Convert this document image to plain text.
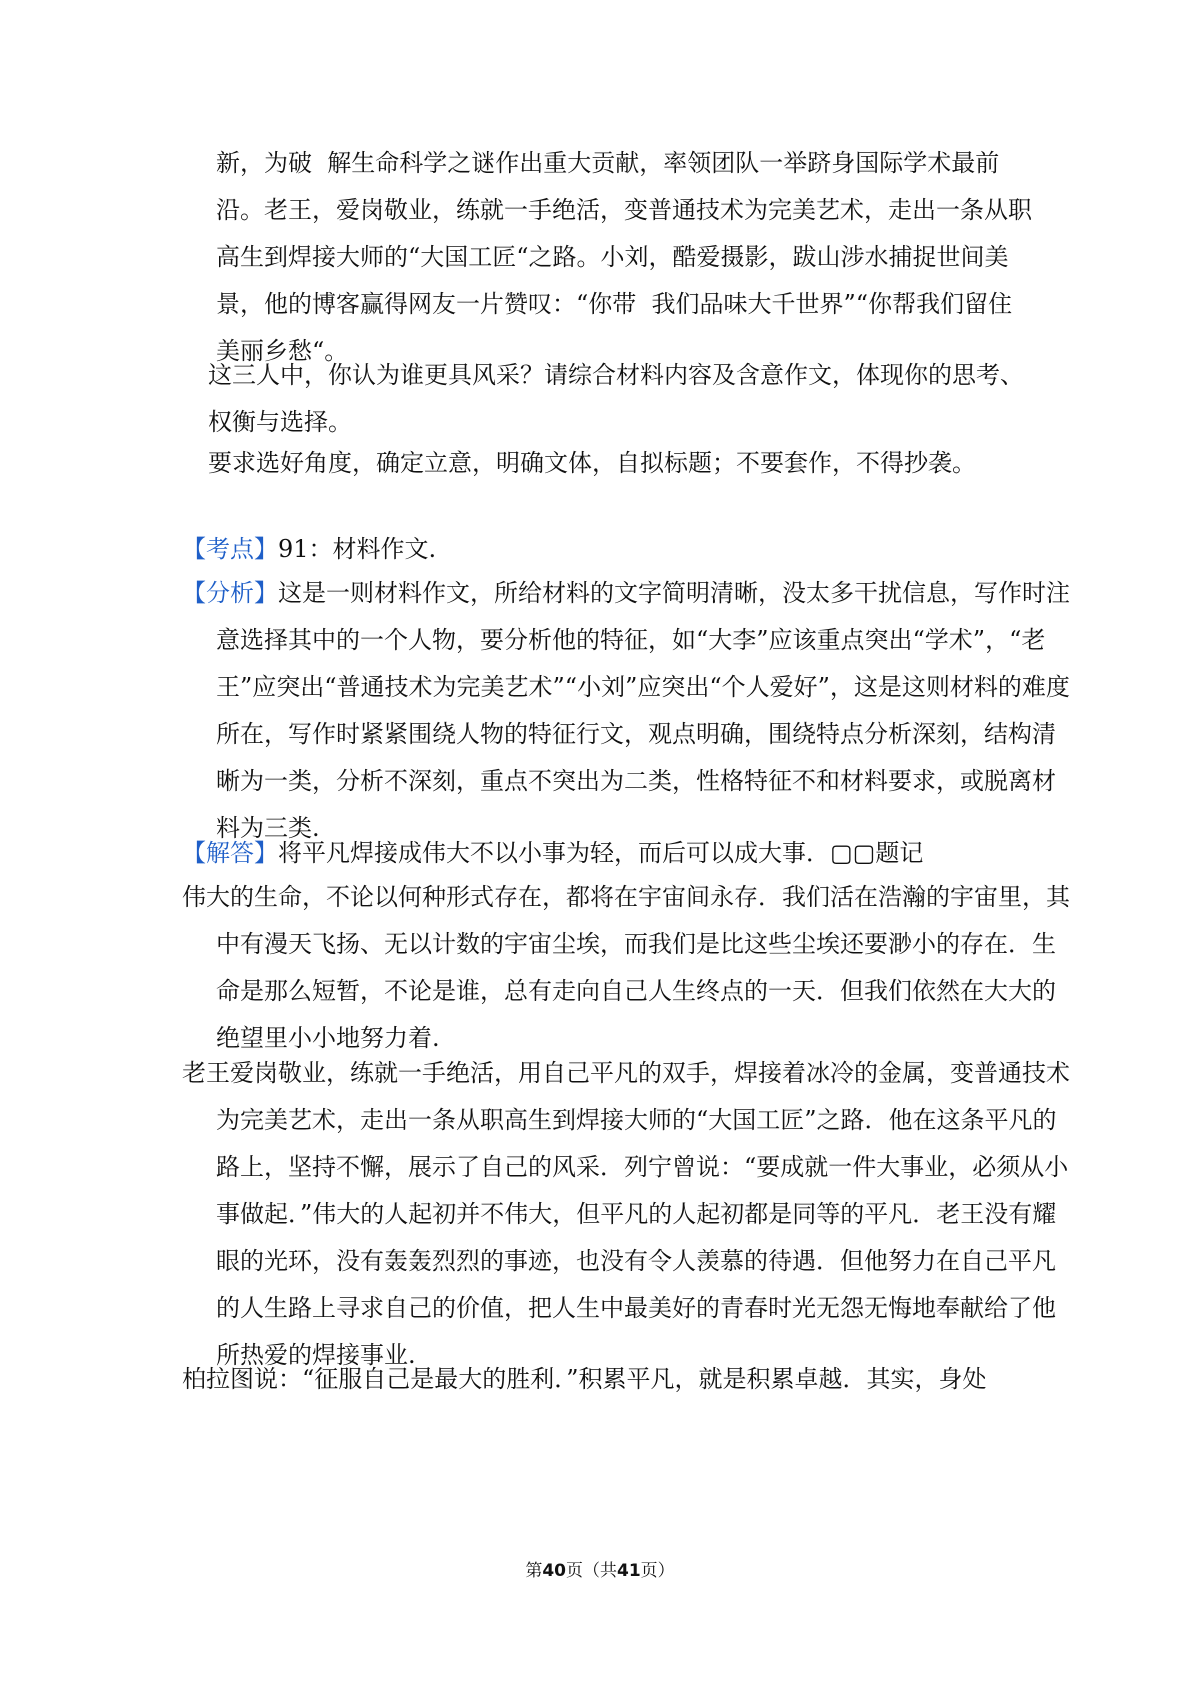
新，为破  解生命科学之谜作出重大贡献，率领团队一举跻身国际学术最前沿。老王，爱岗敬业，练就一手绝活，变普通技术为完美艺术，走出一条从职高生到焊接大师的“大国工匠“之路。小刘，酷爱摄影，跋山涉水捕捉世间美景，他的博客赢得网友一片赞叹：“你带  我们品味大千世界”“你帮我们留住美丽乡愁“。

这三人中，你认为谁更具风采？请综合材料内容及含意作文，体现你的思考、权衡与选择。

要求选好角度，确定立意，明确文体，自拟标题；不要套作，不得抄袭。

【考点】91：材料作文.

【分析】这是一则材料作文，所给材料的文字简明清晰，没太多干扰信息，写作时注意选择其中的一个人物，要分析他的特征，如“大李”应该重点突出“学术”，“老王”应突出“普通技术为完美艺术”“小刘”应突出“个人爱好”，这是这则材料的难度所在，写作时紧紧围绕人物的特征行文，观点明确，围绕特点分析深刻，结构清晰为一类，分析不深刻，重点不突出为二类，性格特征不和材料要求，或脱离材料为三类.

【解答】将平凡焊接成伟大不以小事为轻，而后可以成大事．▢▢题记

伟大的生命，不论以何种形式存在，都将在宇宙间永存．我们活在浩瀚的宇宙里，其中有漫天飞扬、无以计数的宇宙尘埃，而我们是比这些尘埃还要渺小的存在．生命是那么短暂，不论是谁，总有走向自己人生终点的一天．但我们依然在大大的绝望里小小地努力着.

老王爱岗敬业，练就一手绝活，用自己平凡的双手，焊接着冰冷的金属，变普通技术为完美艺术，走出一条从职高生到焊接大师的“大国工匠”之路．他在这条平凡的路上，坚持不懈，展示了自己的风采．列宁曾说：“要成就一件大事业，必须从小事做起．”伟大的人起初并不伟大，但平凡的人起初都是同等的平凡．老王没有耀眼的光环，没有轰轰烈烈的事迹，也没有令人羡慕的待遇．但他努力在自己平凡的人生路上寻求自己的价值，把人生中最美好的青春时光无怨无悔地奉献给了他所热爱的焊接事业.

柏拉图说：“征服自己是最大的胜利．”积累平凡，就是积累卓越．其实，身处

第40页（共41页）
